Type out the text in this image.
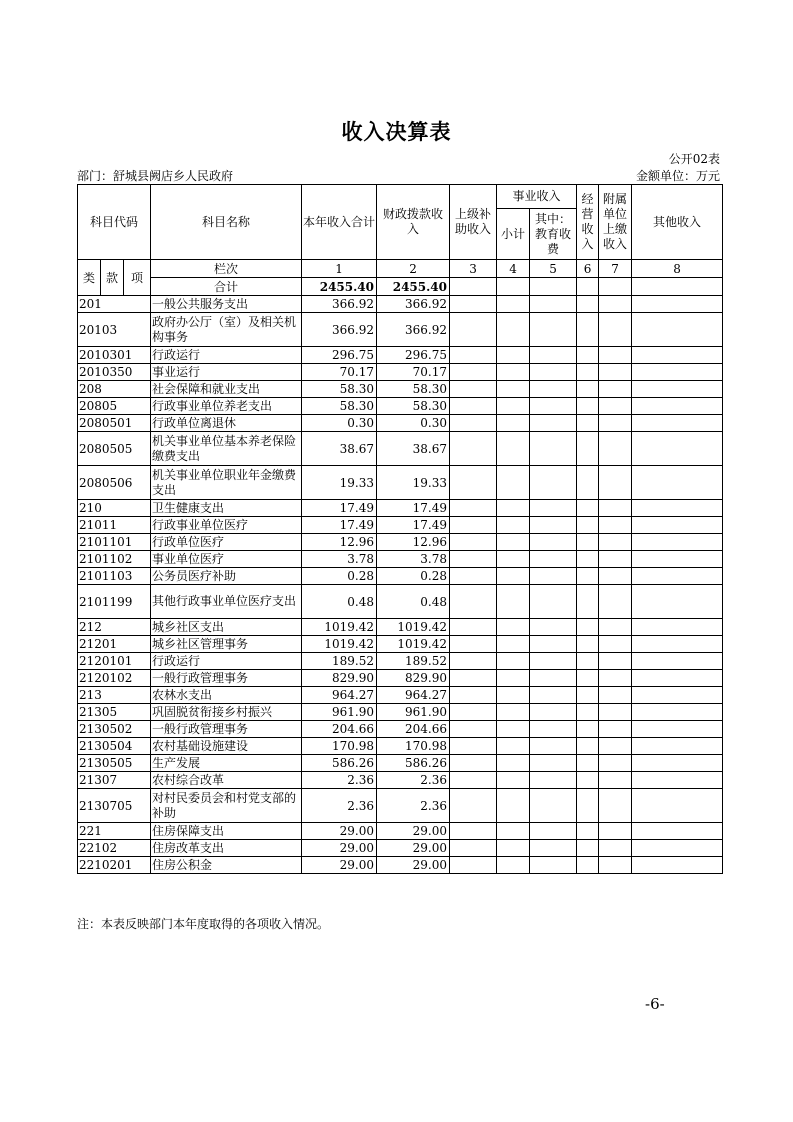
收入决算表
公开02表
部门：舒城县阙店乡人民政府	金额单位：万元
科目代码			科目名称	本年收入合计	财政拨款收入	上级补助收入	事业收入		经营收入	附属单位上缴收入	其他收入
							小计	其中：教育收费			
类	款	项	栏次	1	2	3	4	5	6	7	8
			合计	2455.40	2455.40						
201			一般公共服务支出	366.92	366.92						
20103			政府办公厅（室）及相关机构事务	366.92	366.92						
2010301			行政运行	296.75	296.75						
2010350			事业运行	70.17	70.17						
208			社会保障和就业支出	58.30	58.30						
20805			行政事业单位养老支出	58.30	58.30						
2080501			行政单位离退休	0.30	0.30						
2080505			机关事业单位基本养老保险缴费支出	38.67	38.67						
2080506			机关事业单位职业年金缴费支出	19.33	19.33						
210			卫生健康支出	17.49	17.49						
21011			行政事业单位医疗	17.49	17.49						
2101101			行政单位医疗	12.96	12.96						
2101102			事业单位医疗	3.78	3.78						
2101103			公务员医疗补助	0.28	0.28						
2101199			其他行政事业单位医疗支出	0.48	0.48						
212			城乡社区支出	1019.42	1019.42						
21201			城乡社区管理事务	1019.42	1019.42						
2120101			行政运行	189.52	189.52						
2120102			一般行政管理事务	829.90	829.90						
213			农林水支出	964.27	964.27						
21305			巩固脱贫衔接乡村振兴	961.90	961.90						
2130502			一般行政管理事务	204.66	204.66						
2130504			农村基础设施建设	170.98	170.98						
2130505			生产发展	586.26	586.26						
21307			农村综合改革	2.36	2.36						
2130705			对村民委员会和村党支部的补助	2.36	2.36						
221			住房保障支出	29.00	29.00						
22102			住房改革支出	29.00	29.00						
2210201			住房公积金	29.00	29.00						
注：本表反映部门本年度取得的各项收入情况。
-6-
